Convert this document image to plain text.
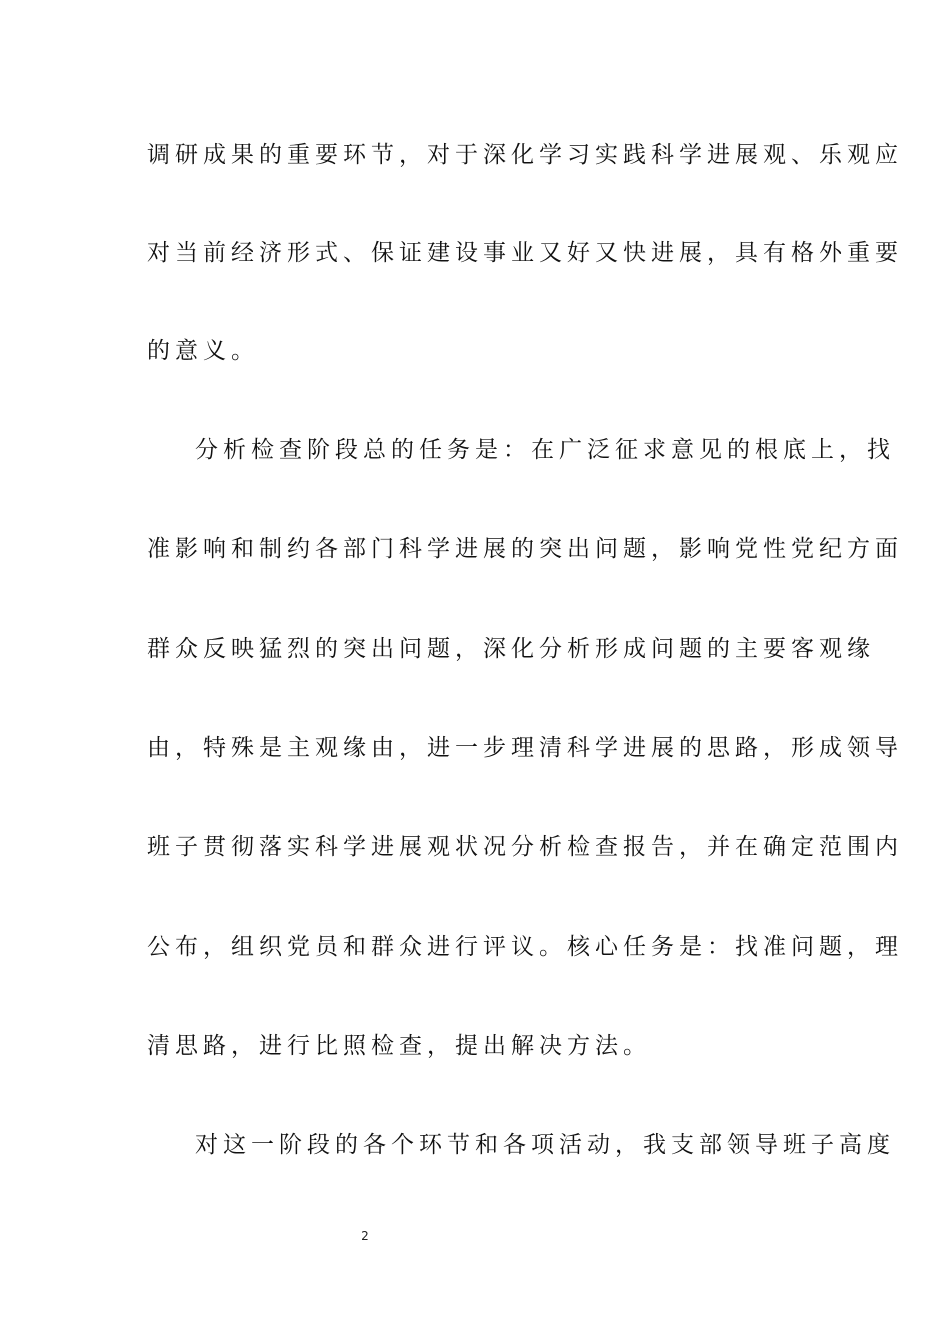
调研成果的重要环节，对于深化学习实践科学进展观、乐观应
对当前经济形式、保证建设事业又好又快进展，具有格外重要
的意义。
分析检查阶段总的任务是：在广泛征求意见的根底上，找
准影响和制约各部门科学进展的突出问题，影响党性党纪方面
群众反映猛烈的突出问题，深化分析形成问题的主要客观缘
由，特殊是主观缘由，进一步理清科学进展的思路，形成领导
班子贯彻落实科学进展观状况分析检查报告，并在确定范围内
公布，组织党员和群众进行评议。核心任务是：找准问题，理
清思路，进行比照检查，提出解决方法。
对这一阶段的各个环节和各项活动，我支部领导班子高度
2
